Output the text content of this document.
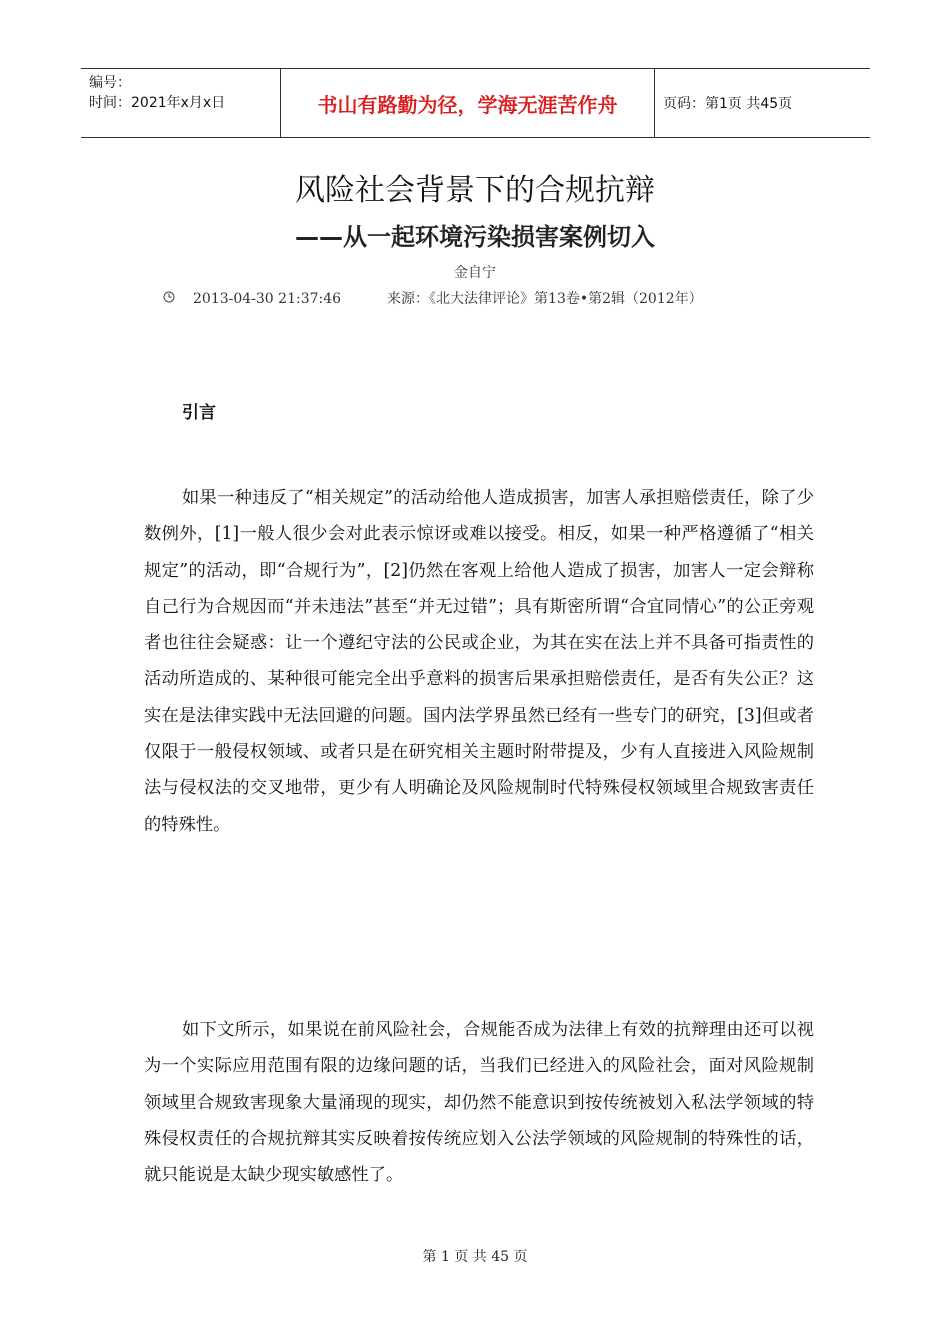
编号：
时间：2021年x月x日	书山有路勤为径，学海无涯苦作舟	页码：第1页 共45页
风险社会背景下的合规抗辩
——从一起环境污染损害案例切入
金自宁
2013-04-30 21:37:46	来源：《北大法律评论》第13卷•第2辑（2012年）
引言
如果一种违反了“相关规定”的活动给他人造成损害，加害人承担赔偿责任，除了少数例外，[1]一般人很少会对此表示惊讶或难以接受。相反，如果一种严格遵循了“相关规定”的活动，即“合规行为”，[2]仍然在客观上给他人造成了损害，加害人一定会辩称自己行为合规因而“并未违法”甚至“并无过错”；具有斯密所谓“合宜同情心”的公正旁观者也往往会疑惑：让一个遵纪守法的公民或企业，为其在实在法上并不具备可指责性的活动所造成的、某种很可能完全出乎意料的损害后果承担赔偿责任，是否有失公正？这实在是法律实践中无法回避的问题。国内法学界虽然已经有一些专门的研究，[3]但或者仅限于一般侵权领域、或者只是在研究相关主题时附带提及，少有人直接进入风险规制法与侵权法的交叉地带，更少有人明确论及风险规制时代特殊侵权领域里合规致害责任的特殊性。
如下文所示，如果说在前风险社会，合规能否成为法律上有效的抗辩理由还可以视为一个实际应用范围有限的边缘问题的话，当我们已经进入的风险社会，面对风险规制领域里合规致害现象大量涌现的现实，却仍然不能意识到按传统被划入私法学领域的特殊侵权责任的合规抗辩其实反映着按传统应划入公法学领域的风险规制的特殊性的话，就只能说是太缺少现实敏感性了。
第 1 页 共 45 页
